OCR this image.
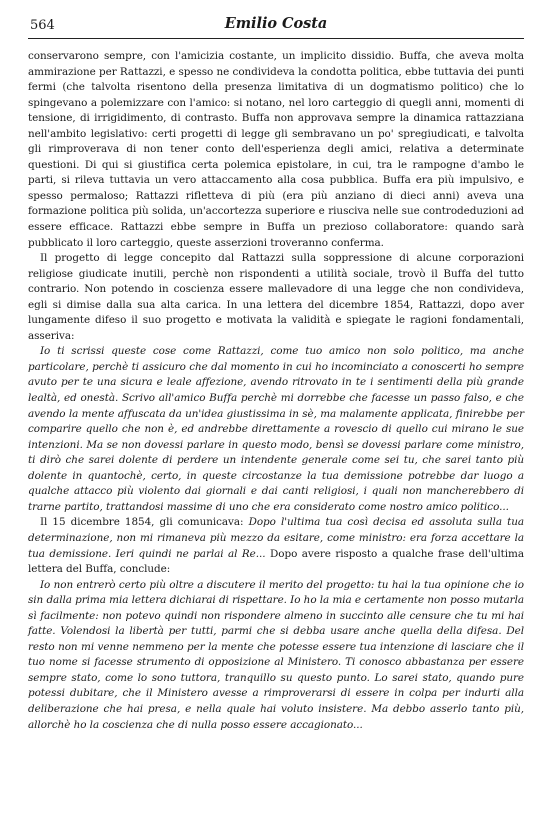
564	Emilio Costa

conservarono sempre, con l'amicizia costante, un implicito dissidio. Buffa, che aveva molta ammirazione per Rattazzi, e spesso ne condivideva la condotta politica, ebbe tuttavia dei punti fermi (che talvolta risentono della presenza limitativa di un dogmatismo politico) che lo spingevano a polemizzare con l'amico: si notano, nel loro carteggio di quegli anni, momenti di tensione, di irrigidimento, di contrasto. Buffa non approvava sempre la dinamica rattazziana nell'ambito legislativo: certi progetti di legge gli sembravano un po' spregiudicati, e talvolta gli rimproverava di non tener conto dell'esperienza degli amici, relativa a determinate questioni. Di qui si giustifica certa polemica epistolare, in cui, tra le rampogne d'ambo le parti, si rileva tuttavia un vero attaccamento alla cosa pubblica. Buffa era più impulsivo, e spesso permaloso; Rattazzi rifletteva di più (era più anziano di dieci anni) aveva una formazione politica più solida, un'accortezza superiore e riusciva nelle sue controdeduzioni ad essere efficace. Rattazzi ebbe sempre in Buffa un prezioso collaboratore: quando sarà pubblicato il loro carteggio, queste asserzioni troveranno conferma.

Il progetto di legge concepito dal Rattazzi sulla soppressione di alcune corporazioni religiose giudicate inutili, perchè non rispondenti a utilità sociale, trovò il Buffa del tutto contrario. Non potendo in coscienza essere mallevadore di una legge che non condivideva, egli si dimise dalla sua alta carica. In una lettera del dicembre 1854, Rattazzi, dopo aver lungamente difeso il suo progetto e motivata la validità e spiegate le ragioni fondamentali, asseriva:

Io ti scrissi queste cose come Rattazzi, come tuo amico non solo politico, ma anche particolare, perchè ti assicuro che dal momento in cui ho incominciato a conoscerti ho sempre avuto per te una sicura e leale affezione, avendo ritrovato in te i sentimenti della più grande lealtà, ed onestà. Scrivo all'amico Buffa perchè mi dorrebbe che facesse un passo falso, e che avendo la mente affuscata da un'idea giustissima in sè, ma malamente applicata, finirebbe per comparire quello che non è, ed andrebbe direttamente a rovescio di quello cui mirano le sue intenzioni. Ma se non dovessi parlare in questo modo, bensì se dovessi parlare come ministro, ti dirò che sarei dolente di perdere un intendente generale come sei tu, che sarei tanto più dolente in quantochè, certo, in queste circostanze la tua demissione potrebbe dar luogo a qualche attacco più violento dai giornali e dai canti religiosi, i quali non mancherebbero di trarne partito, trattandosi massime di uno che era considerato come nostro amico politico...

Il 15 dicembre 1854, gli comunicava: Dopo l'ultima tua così decisa ed assoluta sulla tua determinazione, non mi rimaneva più mezzo da esitare, come ministro: era forza accettare la tua demissione. Ieri quindi ne parlai al Re... Dopo avere risposto a qualche frase dell'ultima lettera del Buffa, conclude:

Io non entrerò certo più oltre a discutere il merito del progetto: tu hai la tua opinione che io sin dalla prima mia lettera dichiarai di rispettare. Io ho la mia e certamente non posso mutarla sì facilmente: non potevo quindi non rispondere almeno in succinto alle censure che tu mi hai fatte. Volendosi la libertà per tutti, parmi che si debba usare anche quella della difesa. Del resto non mi venne nemmeno per la mente che potesse essere tua intenzione di lasciare che il tuo nome si facesse strumento di opposizione al Ministero. Ti conosco abbastanza per essere sempre stato, come lo sono tuttora, tranquillo su questo punto. Lo sarei stato, quando pure potessi dubitare, che il Ministero avesse a rimproverarsi di essere in colpa per indurti alla deliberazione che hai presa, e nella quale hai voluto insistere. Ma debbo asserlo tanto più, allorchè ho la coscienza che di nulla posso essere accagionato...
